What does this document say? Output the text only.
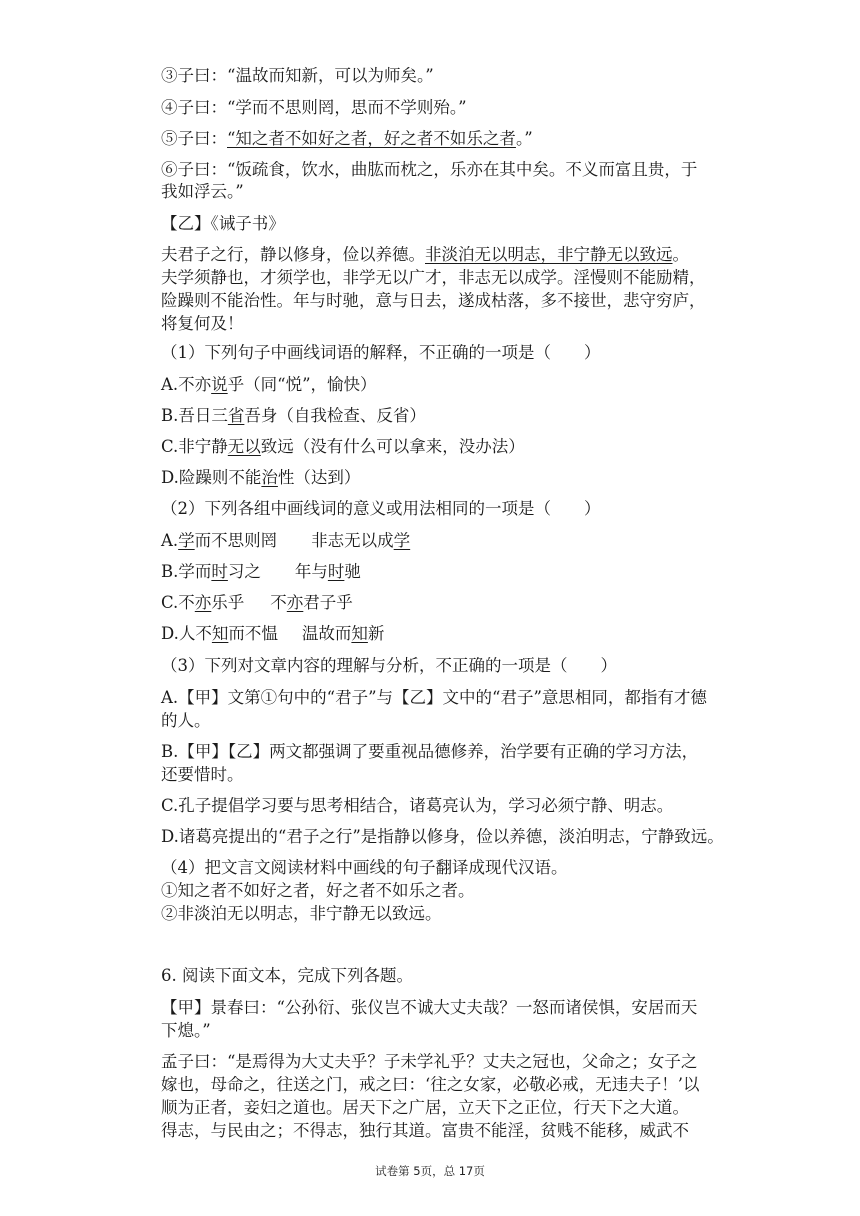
③子曰：“温故而知新，可以为师矣。”
④子曰：“学而不思则罔，思而不学则殆。”
⑤子曰：“知之者不如好之者，好之者不如乐之者。”
⑥子曰：“饭疏食，饮水，曲肱而枕之，乐亦在其中矣。不义而富且贵，于
我如浮云。”
【乙】《诫子书》
夫君子之行，静以修身，俭以养德。非淡泊无以明志，非宁静无以致远。
夫学须静也，才须学也，非学无以广才，非志无以成学。淫慢则不能励精，
险躁则不能治性。年与时驰，意与日去，遂成枯落，多不接世，悲守穷庐，
将复何及！
（1）下列句子中画线词语的解释，不正确的一项是（　　）
A.不亦说乎（同“悦”，愉快）
B.吾日三省吾身（自我检查、反省）
C.非宁静无以致远（没有什么可以拿来，没办法）
D.险躁则不能治性（达到）
（2）下列各组中画线词的意义或用法相同的一项是（　　）
A.学而不思则罔 非志无以成学
B.学而时习之 年与时驰
C.不亦乐乎 不亦君子乎
D.人不知而不愠 温故而知新
（3）下列对文章内容的理解与分析，不正确的一项是（　　）
A.【甲】文第①句中的“君子”与【乙】文中的“君子”意思相同，都指有才德
的人。
B.【甲】【乙】两文都强调了要重视品德修养，治学要有正确的学习方法，
还要惜时。
C.孔子提倡学习要与思考相结合，诸葛亮认为，学习必须宁静、明志。
D.诸葛亮提出的“君子之行”是指静以修身，俭以养德，淡泊明志，宁静致远。
（4）把文言文阅读材料中画线的句子翻译成现代汉语。
①知之者不如好之者，好之者不如乐之者。
②非淡泊无以明志，非宁静无以致远。
6. 阅读下面文本，完成下列各题。
【甲】景春曰：“公孙衍、张仪岂不诚大丈夫哉？一怒而诸侯惧，安居而天
下熄。”
孟子曰：“是焉得为大丈夫乎？子未学礼乎？丈夫之冠也，父命之；女子之
嫁也，母命之，往送之门，戒之曰：‘往之女家，必敬必戒，无违夫子！’以
顺为正者，妾妇之道也。居天下之广居，立天下之正位，行天下之大道。
得志，与民由之；不得志，独行其道。富贵不能淫，贫贱不能移，威武不
试卷第 5页，总 17页
